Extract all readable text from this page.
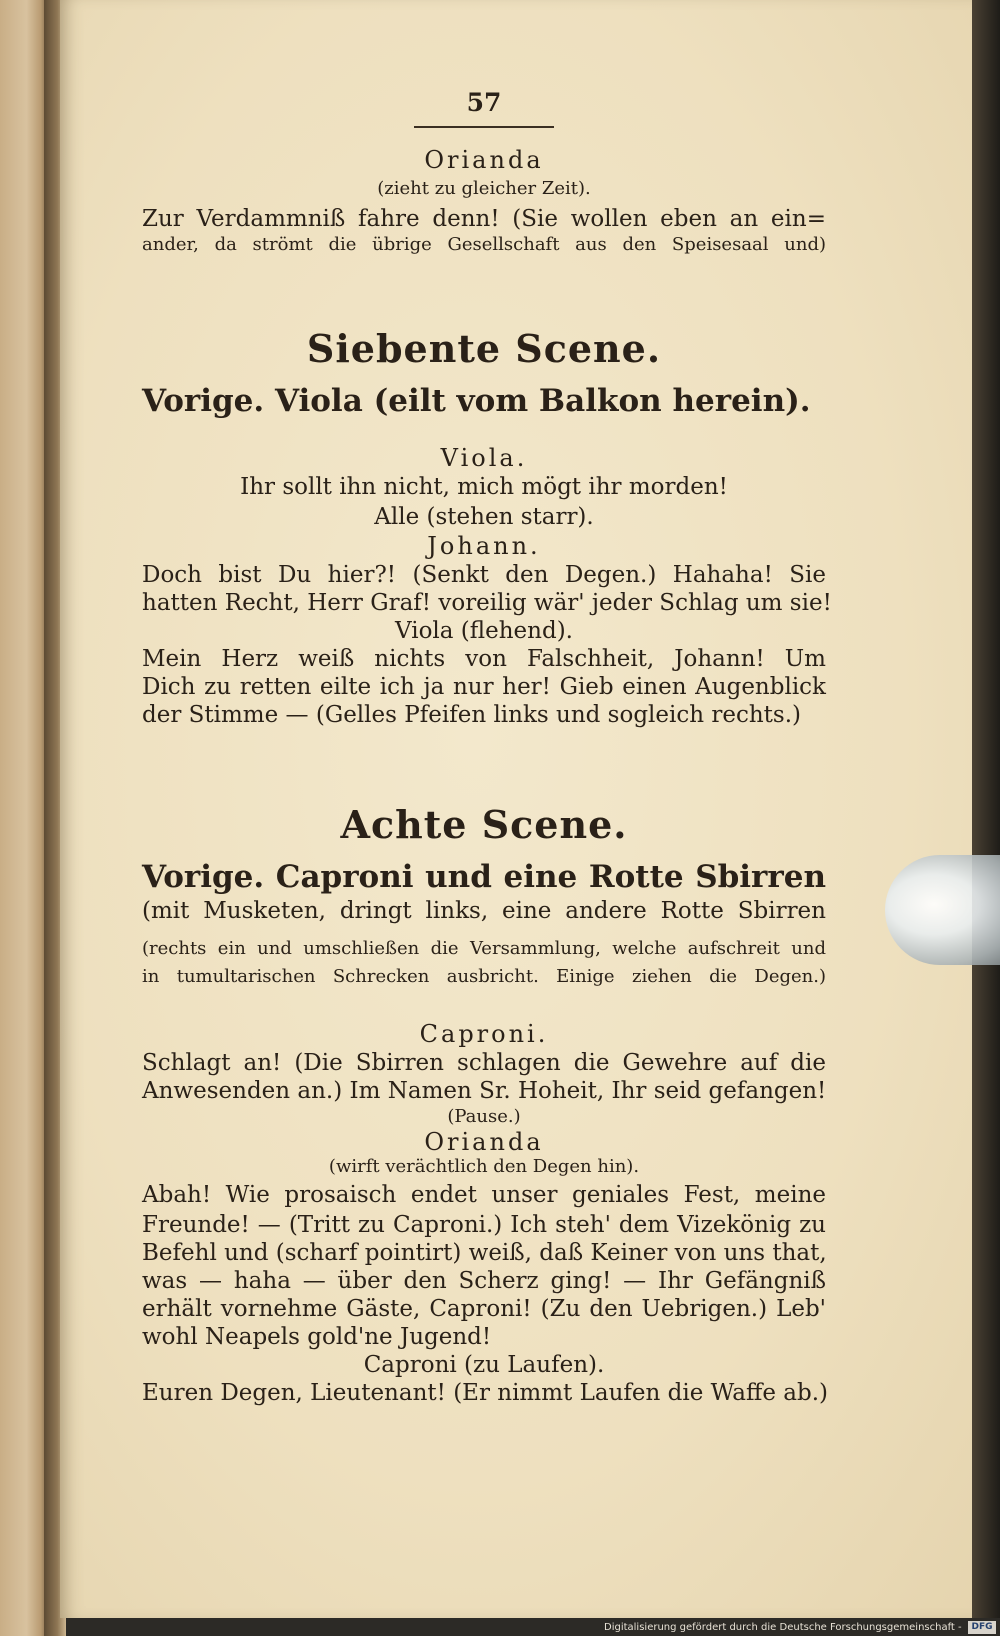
57
Orianda
(zieht zu gleicher Zeit).
Zur Verdammniß fahre denn! (Sie wollen eben an ein=
ander, da strömt die übrige Gesellschaft aus den Speisesaal und)
Siebente Scene.
Vorige. Viola (eilt vom Balkon herein).
Viola.
Ihr sollt ihn nicht, mich mögt ihr morden!
Alle (stehen starr).
Johann.
Doch bist Du hier?! (Senkt den Degen.) Hahaha! Sie
hatten Recht, Herr Graf! voreilig wär' jeder Schlag um sie!
Viola (flehend).
Mein Herz weiß nichts von Falschheit, Johann! Um
Dich zu retten eilte ich ja nur her! Gieb einen Augenblick
der Stimme — (Gelles Pfeifen links und sogleich rechts.)
Achte Scene.
Vorige. Caproni und eine Rotte Sbirren
(mit Musketen, dringt links, eine andere Rotte Sbirren
(rechts ein und umschließen die Versammlung, welche aufschreit und
in tumultarischen Schrecken ausbricht. Einige ziehen die Degen.)
Caproni.
Schlagt an! (Die Sbirren schlagen die Gewehre auf die
Anwesenden an.) Im Namen Sr. Hoheit, Ihr seid gefangen!
(Pause.)
Orianda
(wirft verächtlich den Degen hin).
Abah! Wie prosaisch endet unser geniales Fest, meine
Freunde! — (Tritt zu Caproni.) Ich steh' dem Vizekönig zu
Befehl und (scharf pointirt) weiß, daß Keiner von uns that,
was — haha — über den Scherz ging! — Ihr Gefängniß
erhält vornehme Gäste, Caproni! (Zu den Uebrigen.) Leb'
wohl Neapels gold'ne Jugend!
Caproni (zu Laufen).
Euren Degen, Lieutenant! (Er nimmt Laufen die Waffe ab.)
Digitalisierung gefördert durch die Deutsche Forschungsgemeinschaft -	DFG
